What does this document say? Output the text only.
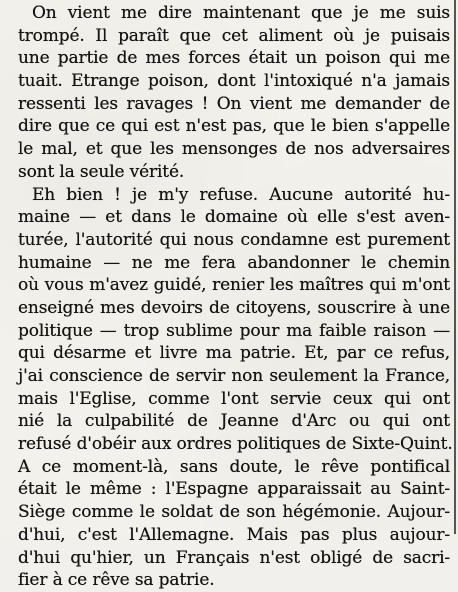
On vient me dire maintenant que je me suis
trompé. Il paraît que cet aliment où je puisais
une partie de mes forces était un poison qui me
tuait. Etrange poison, dont l'intoxiqué n'a jamais
ressenti les ravages ! On vient me demander de
dire que ce qui est n'est pas, que le bien s'appelle
le mal, et que les mensonges de nos adversaires
sont la seule vérité.
Eh bien ! je m'y refuse. Aucune autorité hu-
maine — et dans le domaine où elle s'est aven-
turée, l'autorité qui nous condamne est purement
humaine — ne me fera abandonner le chemin
où vous m'avez guidé, renier les maîtres qui m'ont
enseigné mes devoirs de citoyens, souscrire à une
politique — trop sublime pour ma faible raison —
qui désarme et livre ma patrie. Et, par ce refus,
j'ai conscience de servir non seulement la France,
mais l'Eglise, comme l'ont servie ceux qui ont
nié la culpabilité de Jeanne d'Arc ou qui ont
refusé d'obéir aux ordres politiques de Sixte-Quint.
A ce moment-là, sans doute, le rêve pontifical
était le même : l'Espagne apparaissait au Saint-
Siège comme le soldat de son hégémonie. Aujour-
d'hui, c'est l'Allemagne. Mais pas plus aujour-
d'hui qu'hier, un Français n'est obligé de sacri-
fier à ce rêve sa patrie.
